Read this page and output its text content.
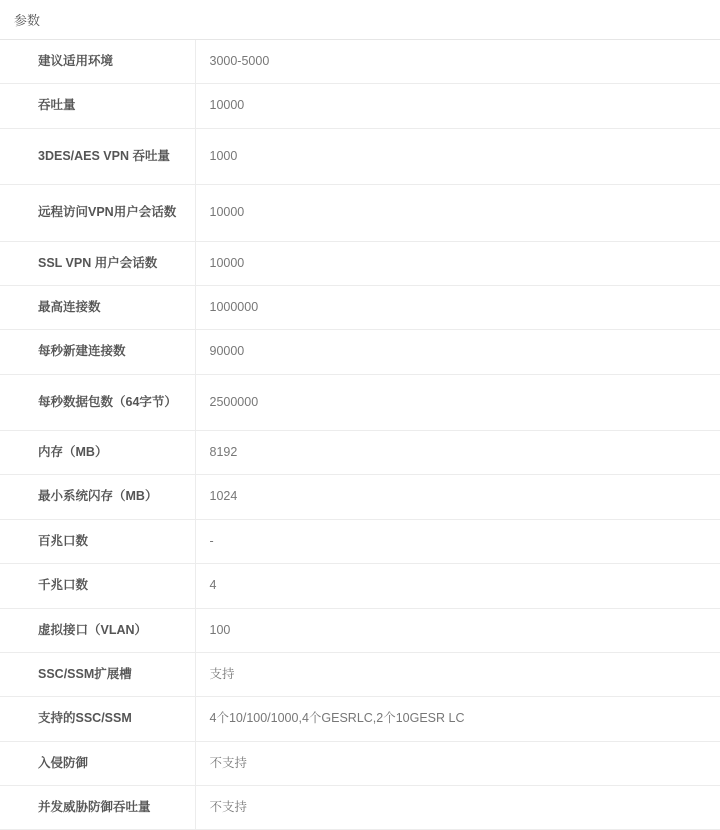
参数	
建议适用环境	3000-5000
吞吐量	10000
3DES/AES VPN 吞吐量	1000
远程访问VPN用户会话数	10000
SSL VPN 用户会话数	10000
最高连接数	1000000
每秒新建连接数	90000
每秒数据包数（64字节）	2500000
内存（MB）	8192
最小系统闪存（MB）	1024
百兆口数	-
千兆口数	4
虚拟接口（VLAN）	100
SSC/SSM扩展槽	支持
支持的SSC/SSM	4个10/100/1000,4个GESRLC,2个10GESR LC
入侵防御	不支持
并发威胁防御吞吐量	不支持
